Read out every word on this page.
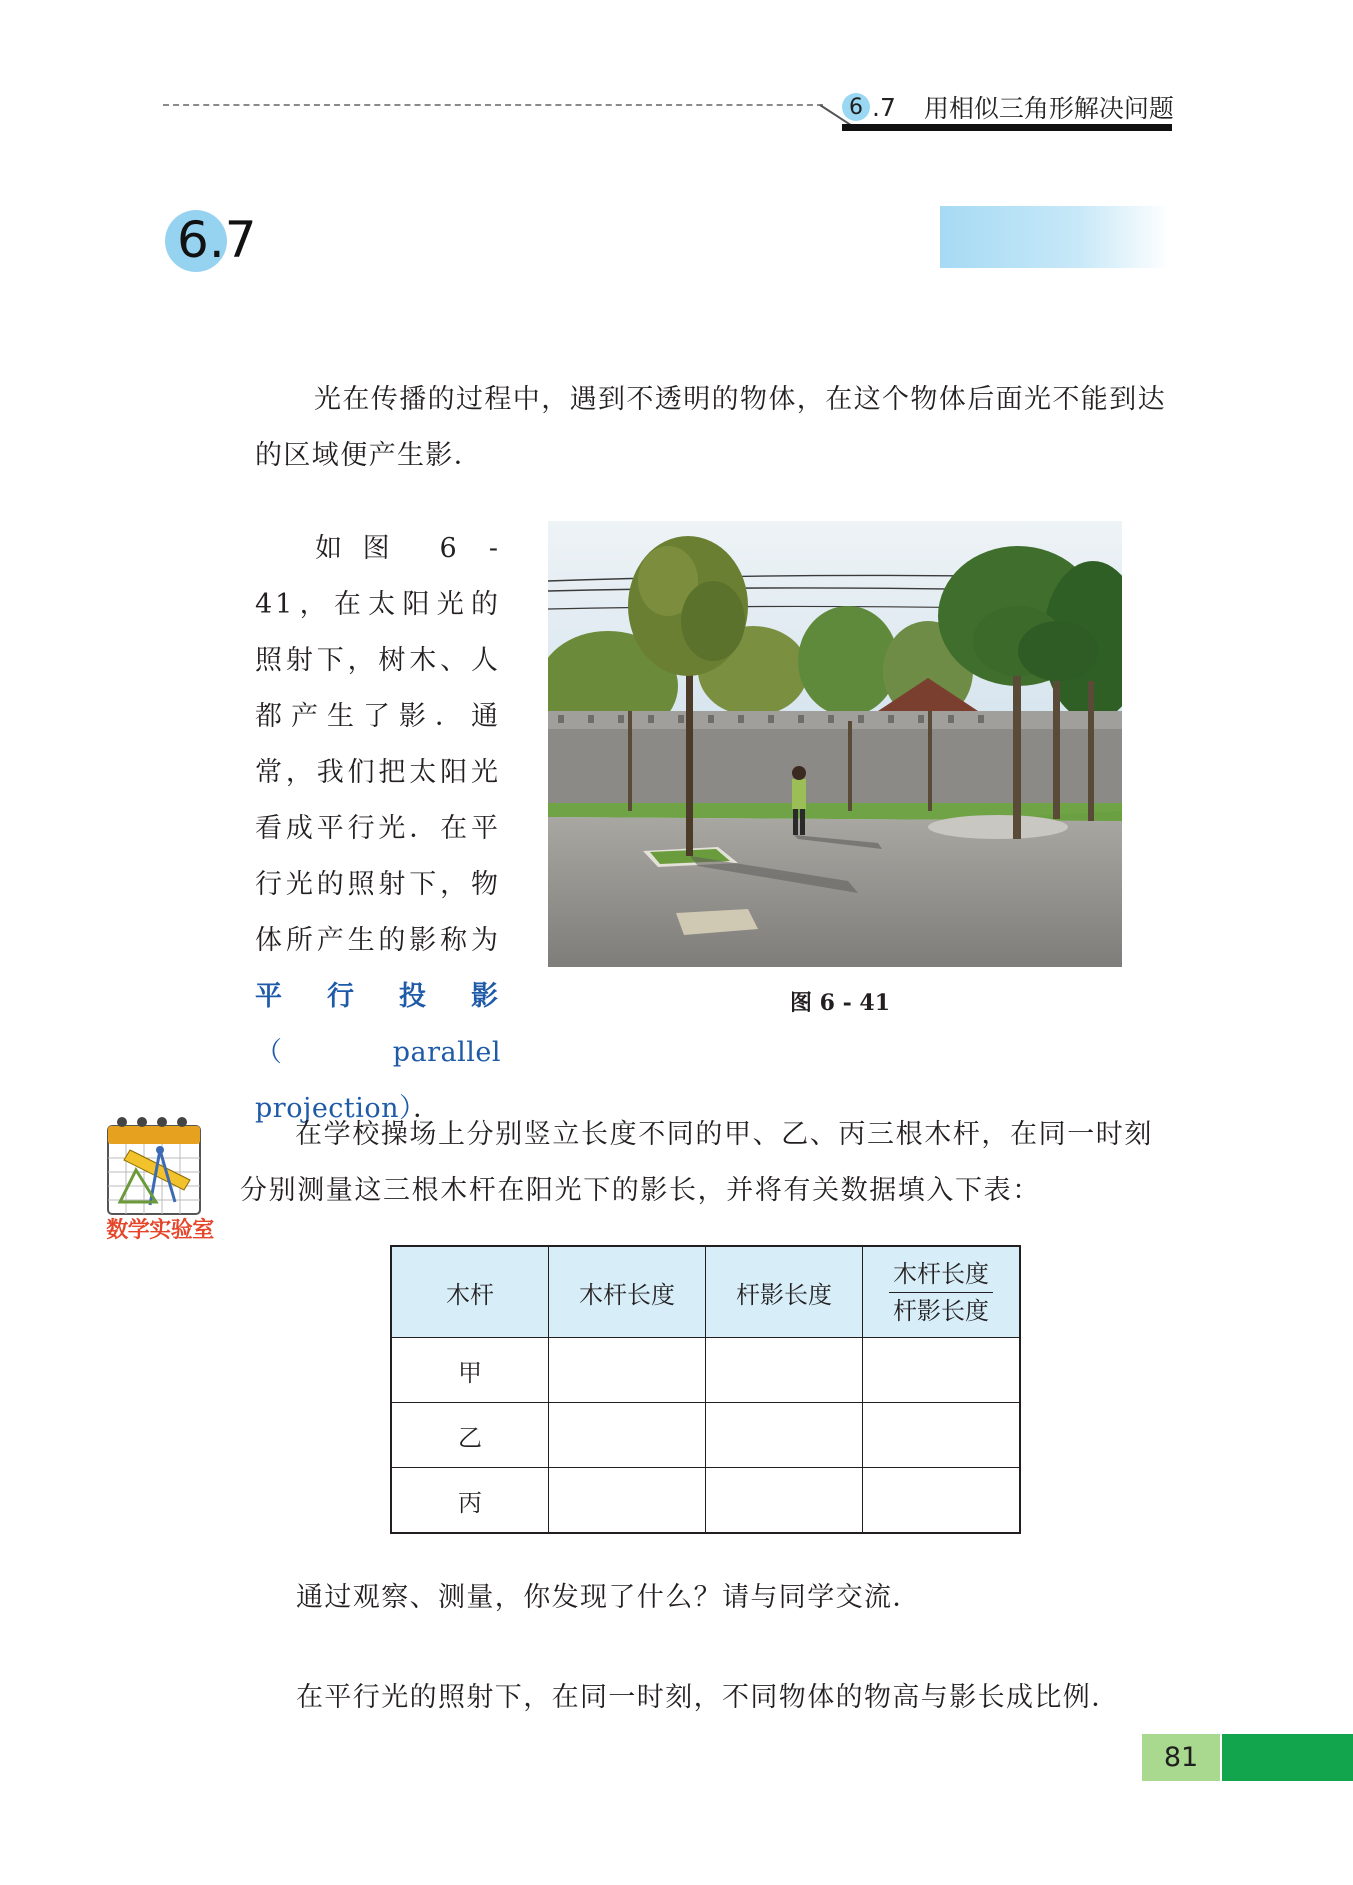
6 .7 用相似三角形解决问题
6.7
光在传播的过程中，遇到不透明的物体，在这个物体后面光不能到达的区域便产生影．
如图 6 - 41，在太阳光的照射下，树木、人都产生了影．通常，我们把太阳光看成平行光．在平行光的照射下，物体所产生的影称为平行投影（parallel projection）．
图 6 - 41
数学实验室
在学校操场上分别竖立长度不同的甲、乙、丙三根木杆，在同一时刻分别测量这三根木杆在阳光下的影长，并将有关数据填入下表：
木杆	木杆长度	杆影长度	$\frac{\text{木杆长度}}{\text{杆影长度}}$

甲			
乙			
丙			
通过观察、测量，你发现了什么？请与同学交流．
在平行光的照射下，在同一时刻，不同物体的物高与影长成比例．
81
